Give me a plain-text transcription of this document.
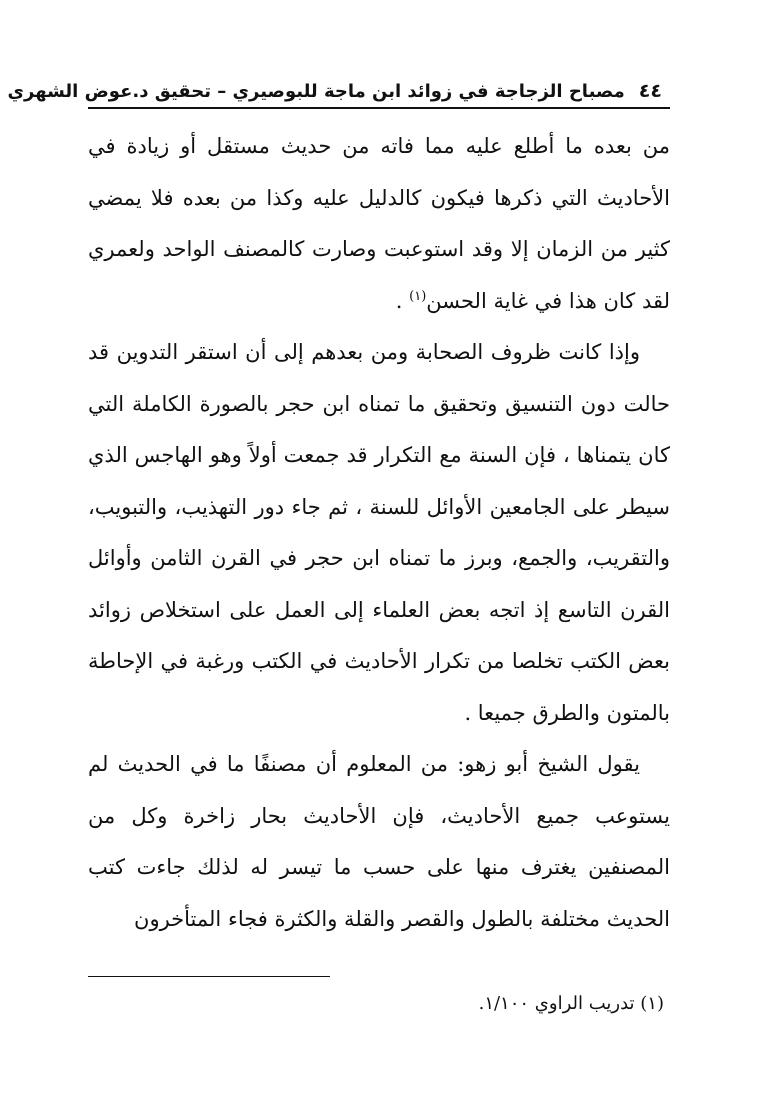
٤٤
مصباح الزجاجة في زوائد ابن ماجة للبوصيري – تحقيق د.عوض الشهري

من بعده ما أطلع عليه مما فاته من حديث مستقل أو زيادة في الأحاديث التي ذكرها فيكون كالدليل عليه وكذا من بعده فلا يمضي كثير من الزمان إلا وقد استوعبت وصارت كالمصنف الواحد ولعمري لقد كان هذا في غاية الحسن$^{(١)}$ .

وإذا كانت ظروف الصحابة ومن بعدهم إلى أن استقر التدوين قد حالت دون التنسيق وتحقيق ما تمناه ابن حجر بالصورة الكاملة التي كان يتمناها ، فإن السنة مع التكرار قد جمعت أولاً وهو الهاجس الذي سيطر على الجامعين الأوائل للسنة ، ثم جاء دور التهذيب، والتبويب، والتقريب، والجمع، وبرز ما تمناه ابن حجر في القرن الثامن وأوائل القرن التاسع إذ اتجه بعض العلماء إلى العمل على استخلاص زوائد بعض الكتب تخلصا من تكرار الأحاديث في الكتب ورغبة في الإحاطة بالمتون والطرق جميعا .

يقول الشيخ أبو زهو: من المعلوم أن مصنفًا ما في الحديث لم يستوعب جميع الأحاديث، فإن الأحاديث بحار زاخرة وكل من المصنفين يغترف منها على حسب ما تيسر له لذلك جاءت كتب الحديث مختلفة بالطول والقصر والقلة والكثرة فجاء المتأخرون

(١) تدريب الراوي ١/١٠٠.
